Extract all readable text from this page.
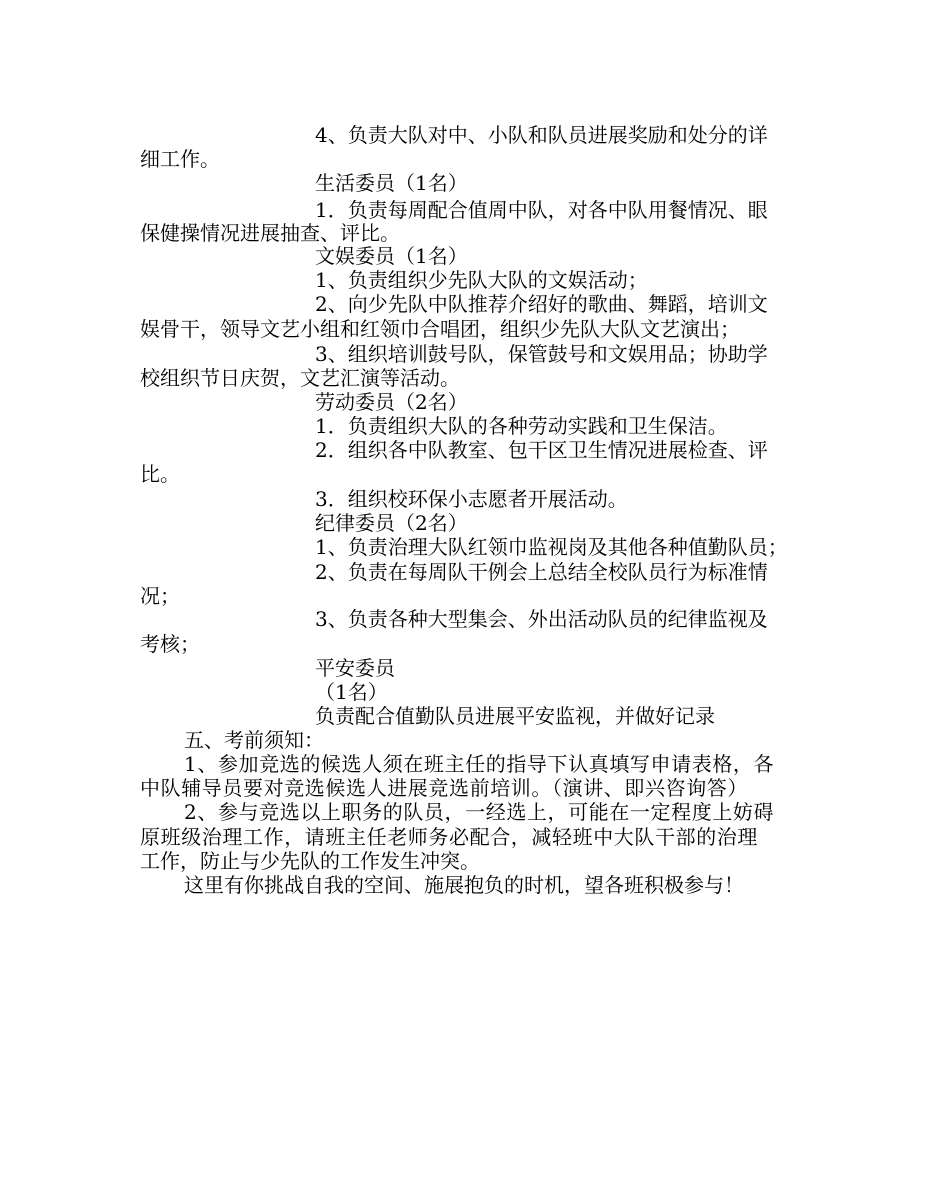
4、负责大队对中、小队和队员进展奖励和处分的详
细工作。
生活委员（1名）
1．负责每周配合值周中队，对各中队用餐情况、眼
保健操情况进展抽查、评比。
文娱委员（1名）
1、负责组织少先队大队的文娱活动；
2、向少先队中队推荐介绍好的歌曲、舞蹈，培训文
娱骨干，领导文艺小组和红领巾合唱团，组织少先队大队文艺演出；
3、组织培训鼓号队，保管鼓号和文娱用品；协助学
校组织节日庆贺，文艺汇演等活动。
劳动委员（2名）
1．负责组织大队的各种劳动实践和卫生保洁。
2．组织各中队教室、包干区卫生情况进展检查、评
比。
3．组织校环保小志愿者开展活动。
纪律委员（2名）
1、负责治理大队红领巾监视岗及其他各种值勤队员；
2、负责在每周队干例会上总结全校队员行为标准情
况；
3、负责各种大型集会、外出活动队员的纪律监视及
考核；
平安委员
（1名）
负责配合值勤队员进展平安监视，并做好记录
五、考前须知：
1、参加竞选的候选人须在班主任的指导下认真填写申请表格，各
中队辅导员要对竞选候选人进展竞选前培训。（演讲、即兴咨询答）
2、参与竞选以上职务的队员，一经选上，可能在一定程度上妨碍
原班级治理工作，请班主任老师务必配合，减轻班中大队干部的治理
工作，防止与少先队的工作发生冲突。
这里有你挑战自我的空间、施展抱负的时机，望各班积极参与！
